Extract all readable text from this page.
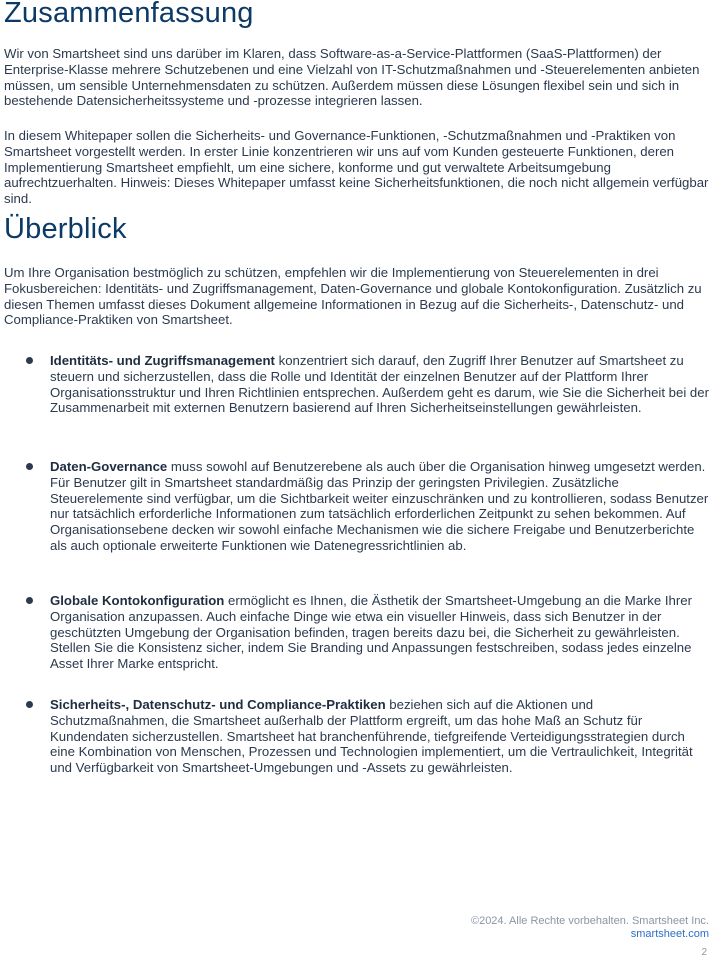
Zusammenfassung

Wir von Smartsheet sind uns darüber im Klaren, dass Software-as-a-Service-Plattformen (SaaS-Plattformen) der Enterprise-Klasse mehrere Schutzebenen und eine Vielzahl von IT-Schutzmaßnahmen und -Steuerelementen anbieten müssen, um sensible Unternehmensdaten zu schützen. Außerdem müssen diese Lösungen flexibel sein und sich in bestehende Datensicherheitssysteme und -prozesse integrieren lassen.

In diesem Whitepaper sollen die Sicherheits- und Governance-Funktionen, -Schutzmaßnahmen und -Praktiken von Smartsheet vorgestellt werden. In erster Linie konzentrieren wir uns auf vom Kunden gesteuerte Funktionen, deren Implementierung Smartsheet empfiehlt, um eine sichere, konforme und gut verwaltete Arbeitsumgebung aufrechtzuerhalten. Hinweis: Dieses Whitepaper umfasst keine Sicherheitsfunktionen, die noch nicht allgemein verfügbar sind.

Überblick

Um Ihre Organisation bestmöglich zu schützen, empfehlen wir die Implementierung von Steuerelementen in drei Fokusbereichen: Identitäts- und Zugriffsmanagement, Daten-Governance und globale Kontokonfiguration. Zusätzlich zu diesen Themen umfasst dieses Dokument allgemeine Informationen in Bezug auf die Sicherheits-, Datenschutz- und Compliance-Praktiken von Smartsheet.

Identitäts- und Zugriffsmanagement konzentriert sich darauf, den Zugriff Ihrer Benutzer auf Smartsheet zu steuern und sicherzustellen, dass die Rolle und Identität der einzelnen Benutzer auf der Plattform Ihrer Organisationsstruktur und Ihren Richtlinien entsprechen. Außerdem geht es darum, wie Sie die Sicherheit bei der Zusammenarbeit mit externen Benutzern basierend auf Ihren Sicherheitseinstellungen gewährleisten.
Daten-Governance muss sowohl auf Benutzerebene als auch über die Organisation hinweg umgesetzt werden. Für Benutzer gilt in Smartsheet standardmäßig das Prinzip der geringsten Privilegien. Zusätzliche Steuerelemente sind verfügbar, um die Sichtbarkeit weiter einzuschränken und zu kontrollieren, sodass Benutzer nur tatsächlich erforderliche Informationen zum tatsächlich erforderlichen Zeitpunkt zu sehen bekommen. Auf Organisationsebene decken wir sowohl einfache Mechanismen wie die sichere Freigabe und Benutzerberichte als auch optionale erweiterte Funktionen wie Datenegressrichtlinien ab.
Globale Kontokonfiguration ermöglicht es Ihnen, die Ästhetik der Smartsheet-Umgebung an die Marke Ihrer Organisation anzupassen. Auch einfache Dinge wie etwa ein visueller Hinweis, dass sich Benutzer in der geschützten Umgebung der Organisation befinden, tragen bereits dazu bei, die Sicherheit zu gewährleisten. Stellen Sie die Konsistenz sicher, indem Sie Branding und Anpassungen festschreiben, sodass jedes einzelne Asset Ihrer Marke entspricht.
Sicherheits-, Datenschutz- und Compliance-Praktiken beziehen sich auf die Aktionen und Schutzmaßnahmen, die Smartsheet außerhalb der Plattform ergreift, um das hohe Maß an Schutz für Kundendaten sicherzustellen. Smartsheet hat branchenführende, tiefgreifende Verteidigungsstrategien durch eine Kombination von Menschen, Prozessen und Technologien implementiert, um die Vertraulichkeit, Integrität und Verfügbarkeit von Smartsheet-Umgebungen und -Assets zu gewährleisten.
©2024. Alle Rechte vorbehalten. Smartsheet Inc.
smartsheet.com
2
